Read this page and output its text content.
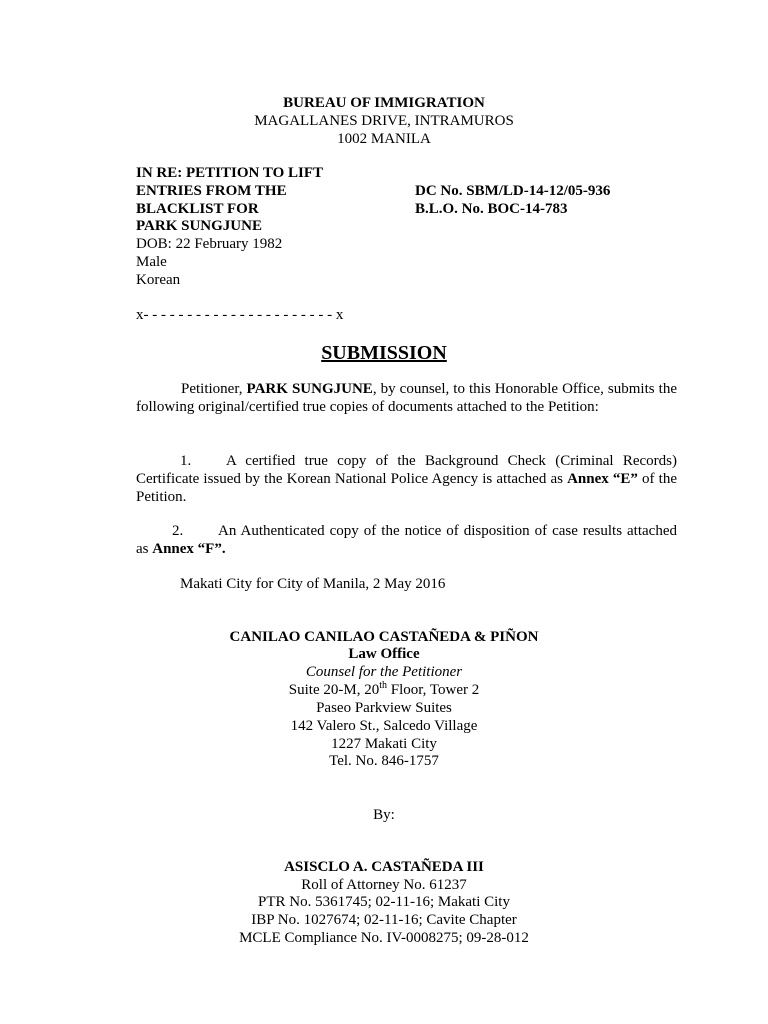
BUREAU OF IMMIGRATION
MAGALLANES DRIVE, INTRAMUROS
1002 MANILA
IN RE: PETITION TO LIFT
ENTRIES FROM THE
BLACKLIST FOR
PARK SUNGJUNE
DOB: 22 February 1982
Male
Korean
DC No. SBM/LD-14-12/05-936
B.L.O. No. BOC-14-783
x- - - - - - - - - - - - - - - - - - - - - - x
SUBMISSION
Petitioner, PARK SUNGJUNE, by counsel, to this Honorable Office, submits the following original/certified true copies of documents attached to the Petition:
1. A certified true copy of the Background Check (Criminal Records) Certificate issued by the Korean National Police Agency is attached as Annex “E” of the Petition.
2. An Authenticated copy of the notice of disposition of case results attached as Annex “F”.
Makati City for City of Manila, 2 May 2016
CANILAO CANILAO CASTAÑEDA & PIÑON
Law Office
Counsel for the Petitioner
Suite 20-M, 20th Floor, Tower 2
Paseo Parkview Suites
142 Valero St., Salcedo Village
1227 Makati City
Tel. No. 846-1757
By:
ASISCLO A. CASTAÑEDA III
Roll of Attorney No. 61237
PTR No. 5361745; 02-11-16; Makati City
IBP No. 1027674; 02-11-16; Cavite Chapter
MCLE Compliance No. IV-0008275; 09-28-012
